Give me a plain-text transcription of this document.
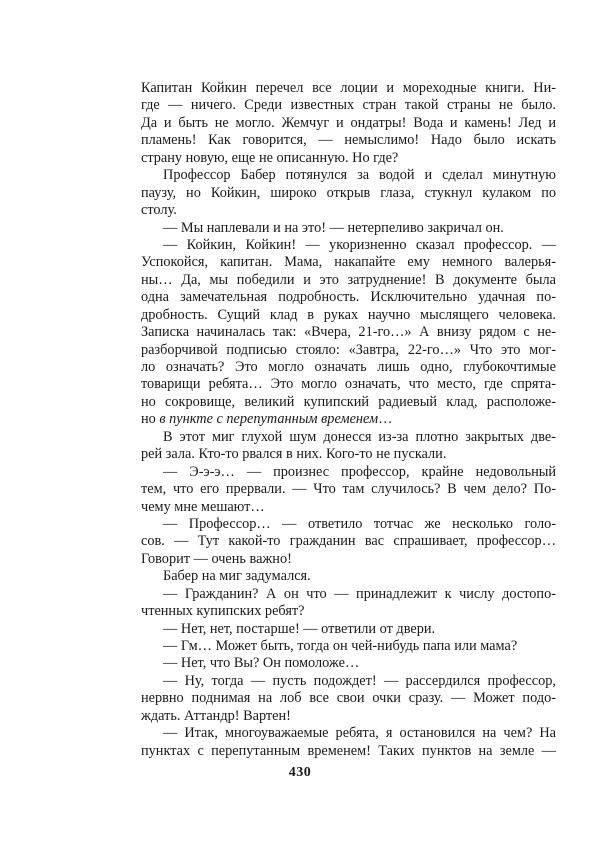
Капитан Койкин перечел все лоции и мореходные книги. Ни-
где — ничего. Среди известных стран такой страны не было.
Да и быть не могло. Жемчуг и ондатры! Вода и камень! Лед и
пламень! Как говорится, — немыслимо! Надо было искать
страну новую, еще не описанную. Но где?
Профессор Бабер потянулся за водой и сделал минутную
паузу, но Койкин, широко открыв глаза, стукнул кулаком по
столу.
— Мы наплевали и на это! — нетерпеливо закричал он.
— Койкин, Койкин! — укоризненно сказал профессор. —
Успокойся, капитан. Мама, накапайте ему немного валерья-
ны… Да, мы победили и это затруднение! В документе была
одна замечательная подробность. Исключительно удачная по-
дробность. Сущий клад в руках научно мыслящего человека.
Записка начиналась так: «Вчера, 21-го…» А внизу рядом с не-
разборчивой подписью стояло: «Завтра, 22-го…» Что это мог-
ло означать? Это могло означать лишь одно, глубокочтимые
товарищи ребята… Это могло означать, что место, где спрята-
но сокровище, великий купипский радиевый клад, расположе-
но в пункте с перепутанным временем…
В этот миг глухой шум донесся из-за плотно закрытых две-
рей зала. Кто-то рвался в них. Кого-то не пускали.
— Э-э-э… — произнес профессор, крайне недовольный
тем, что его прервали. — Что там случилось? В чем дело? По-
чему мне мешают…
— Профессор… — ответило тотчас же несколько голо-
сов. — Тут какой-то гражданин вас спрашивает, профессор…
Говорит — очень важно!
Бабер на миг задумался.
— Гражданин? А он что — принадлежит к числу достопо-
чтенных купипских ребят?
— Нет, нет, постарше! — ответили от двери.
— Гм… Может быть, тогда он чей-нибудь папа или мама?
— Нет, что Вы? Он помоложе…
— Ну, тогда — пусть подождет! — рассердился профессор,
нервно поднимая на лоб все свои очки сразу. — Может подо-
ждать. Аттандр! Вартен!
— Итак, многоуважаемые ребята, я остановился на чем? На
пунктах с перепутанным временем! Таких пунктов на земле —
430
